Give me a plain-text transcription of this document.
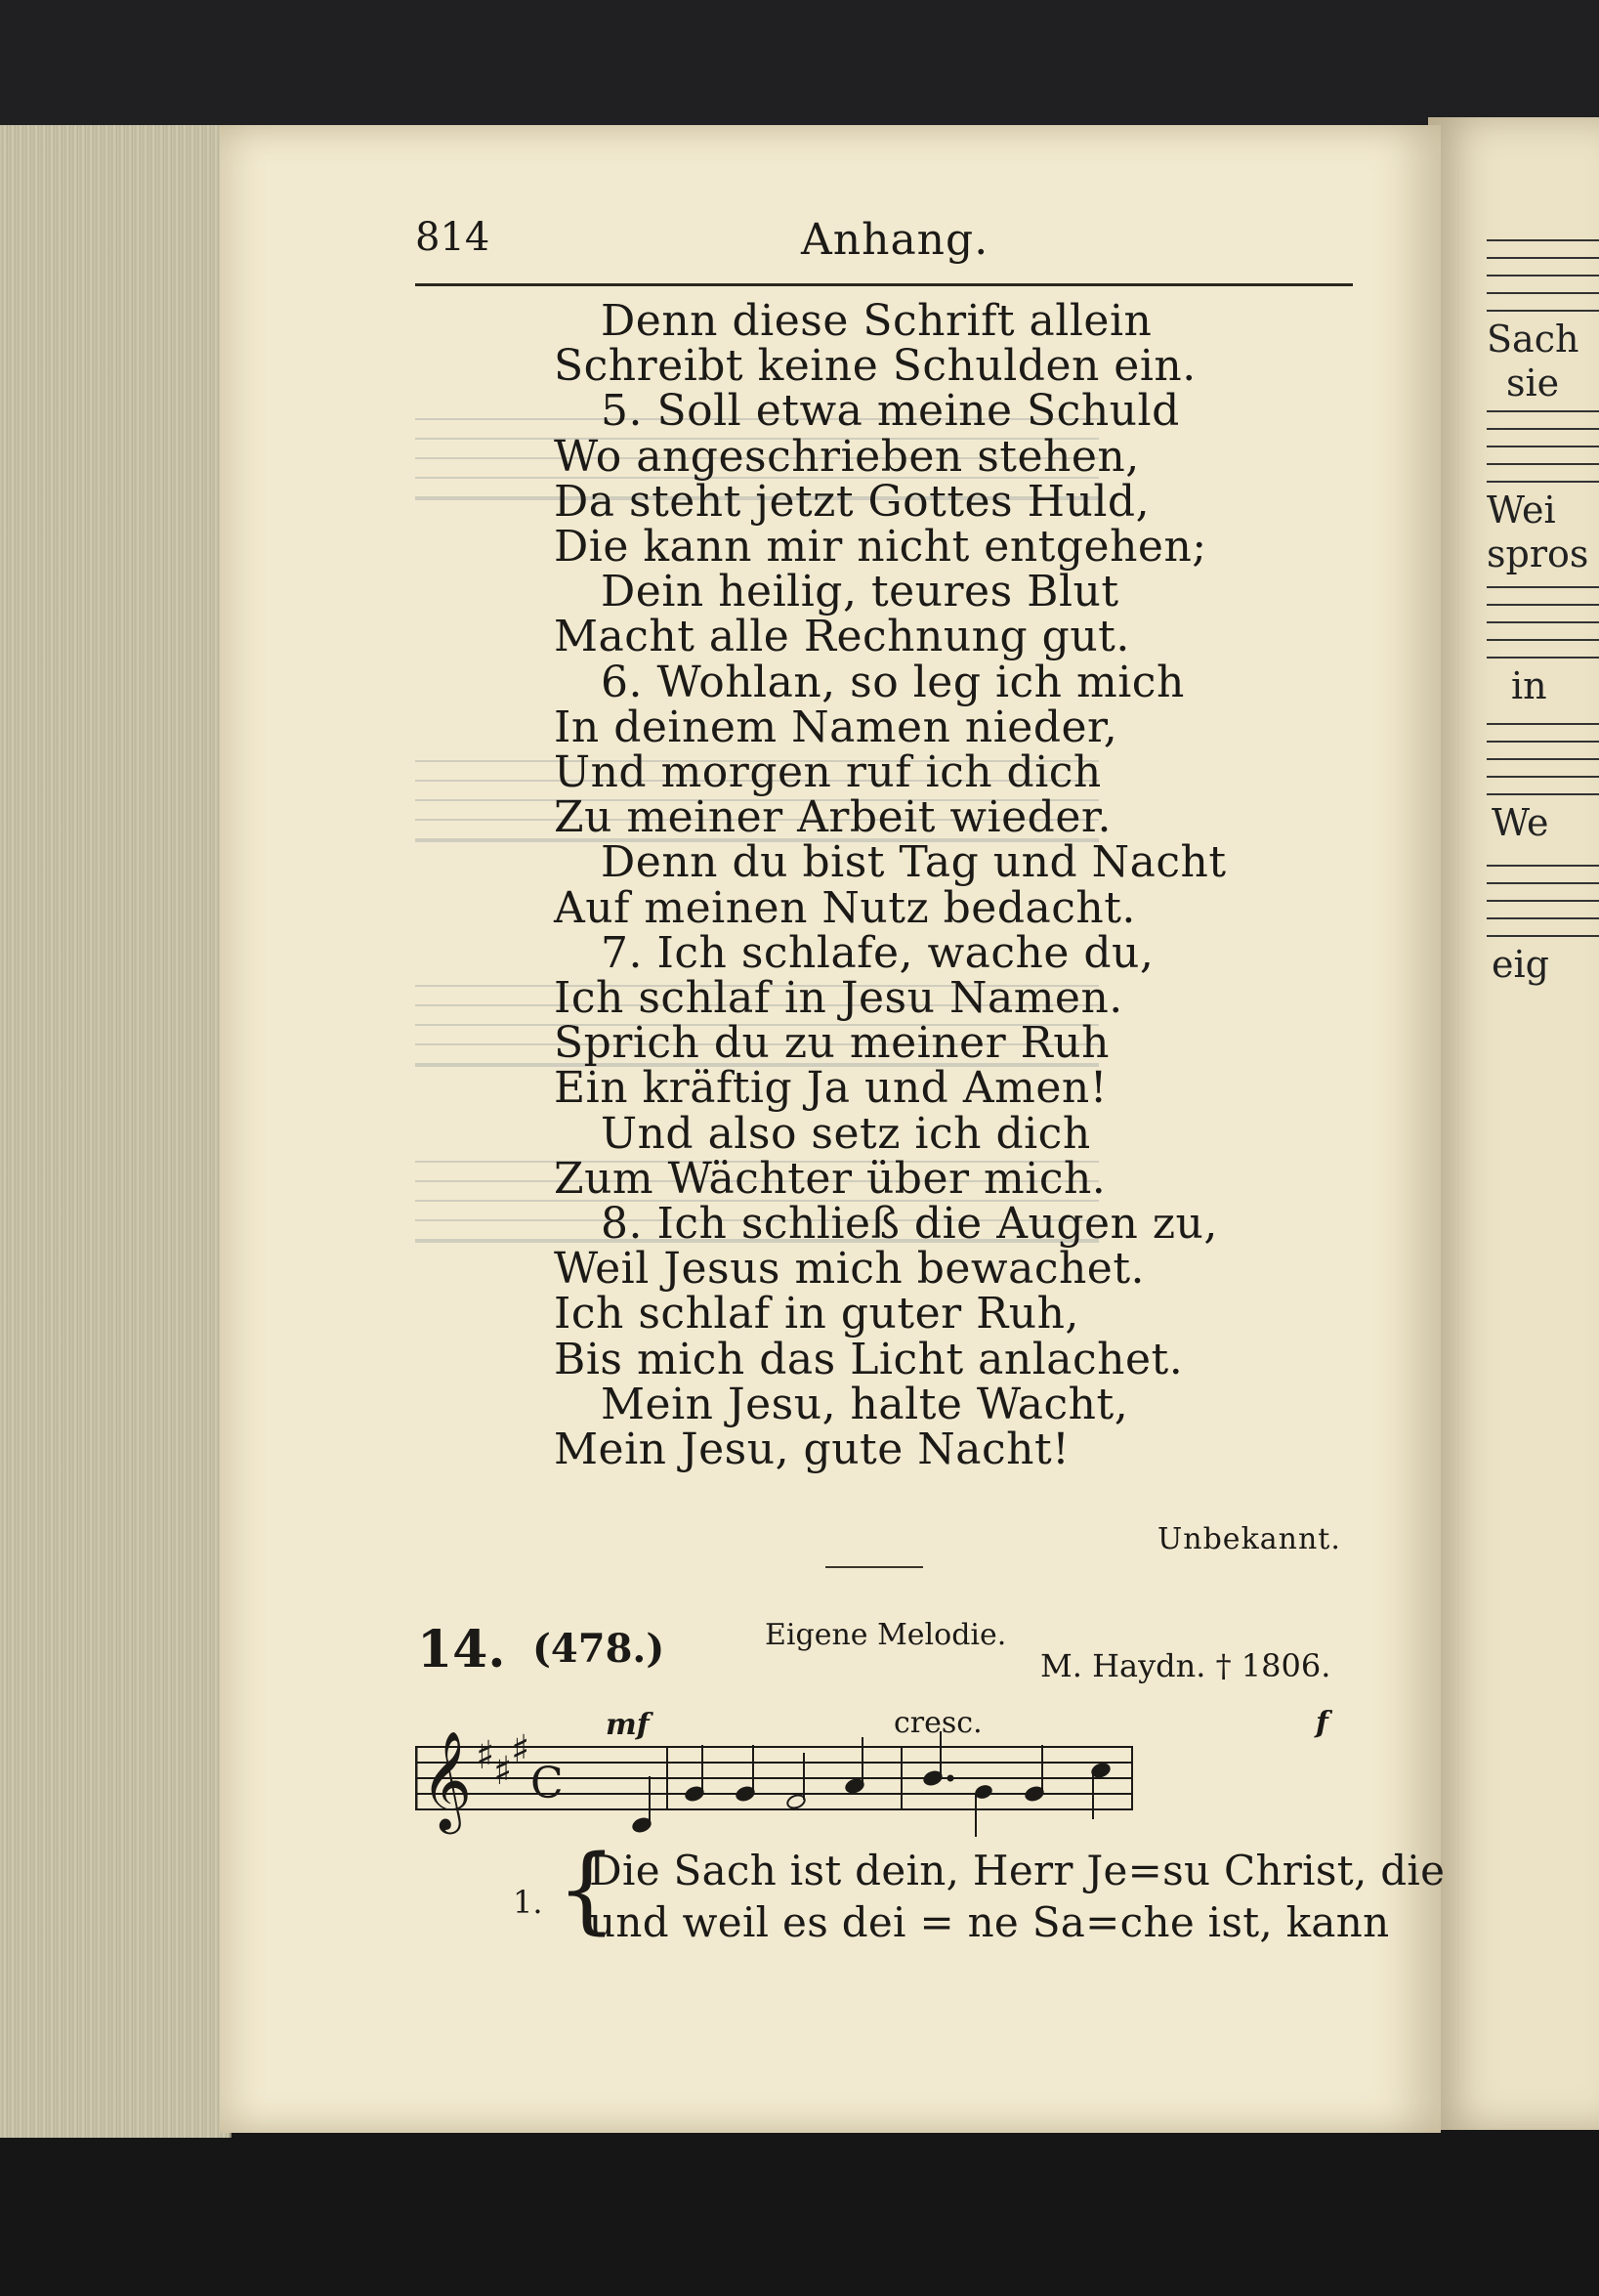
Sach
sie
Wei
spros
in
We
eig
814	Anhang.
Denn diese Schrift allein
Schreibt keine Schulden ein.
5. Soll etwa meine Schuld
Wo angeschrieben stehen,
Da steht jetzt Gottes Huld,
Die kann mir nicht entgehen;
Dein heilig, teures Blut
Macht alle Rechnung gut.
6. Wohlan, so leg ich mich
In deinem Namen nieder,
Und morgen ruf ich dich
Zu meiner Arbeit wieder.
Denn du bist Tag und Nacht
Auf meinen Nutz bedacht.
7. Ich schlafe, wache du,
Ich schlaf in Jesu Namen.
Sprich du zu meiner Ruh
Ein kräftig Ja und Amen!
Und also setz ich dich
Zum Wächter über mich.
8. Ich schließ die Augen zu,
Weil Jesus mich bewachet.
Ich schlaf in guter Ruh,
Bis mich das Licht anlachet.
Mein Jesu, halte Wacht,
Mein Jesu, gute Nacht!
Unbekannt.
14. (478.)	Eigene Melodie.
M. Haydn. † 1806.
mf	cresc.	f
𝄞 ♯
♯
♯
C
1. {
Die Sach ist dein, Herr Je=su Christ, die
und weil es dei = ne Sa=che ist, kann
